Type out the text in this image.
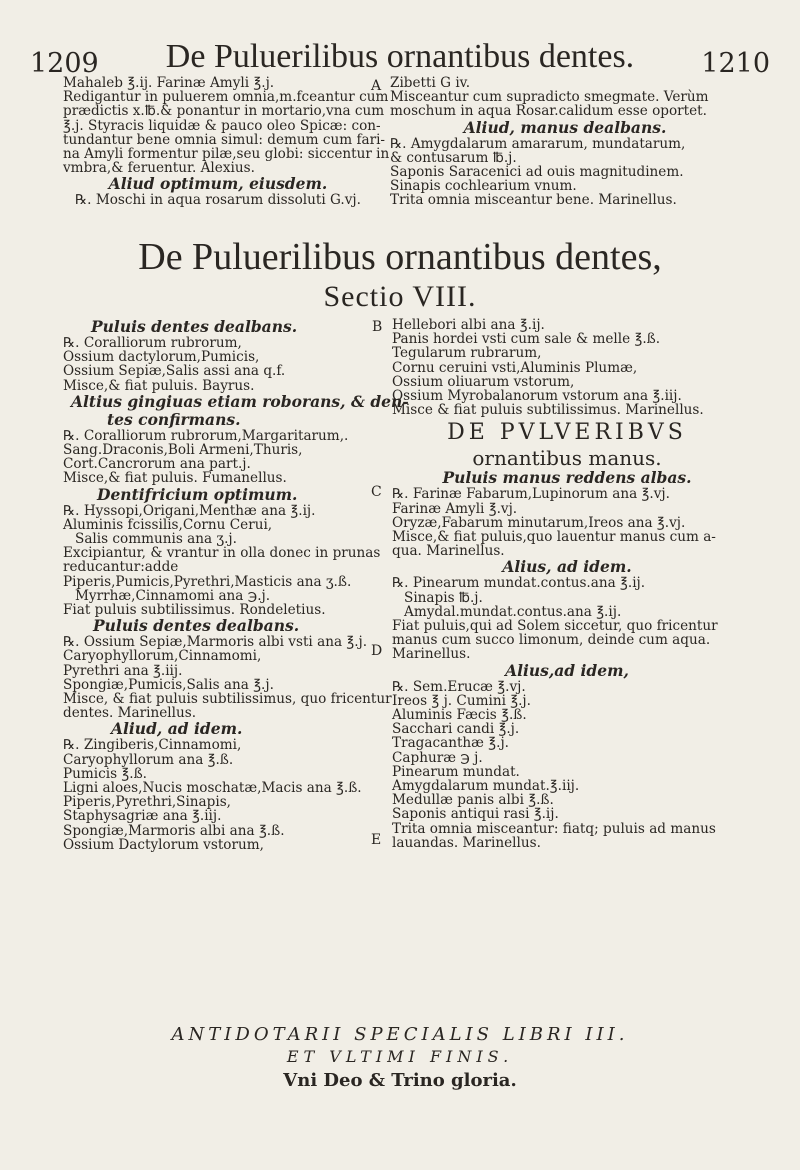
1209	De Puluerilibus ornantibus dentes.	1210

Mahaleb ℥.ij. Farinæ Amyli ℥.j.

Redigantur in puluerem omnia,m.fceantur cum

prædictis x.℔.& ponantur in mortario,vna cum

℥.j. Styracis liquidæ & pauco oleo Spicæ: con-

tundantur bene omnia simul: demum cum fari-

na Amyli formentur pilæ,seu globi: siccentur in

vmbra,& feruentur. Alexius.

Aliud optimum, eiusdem.

℞. Moschi in aqua rosarum dissoluti G.vj.

A Zibetti G iv.

Misceantur cum supradicto smegmate. Verùm

moschum in aqua Rosar.calidum esse oportet.

Aliud, manus dealbans.

℞. Amygdalarum amararum, mundatarum,

& contusarum ℔.j.

Saponis Saracenici ad ouis magnitudinem.

Sinapis cochlearium vnum.

Trita omnia misceantur bene. Marinellus.

De Puluerilibus ornantibus dentes,
Sectio VIII.

Puluis dentes dealbans.

℞. Coralliorum rubrorum,

Ossium dactylorum,Pumicis,

Ossium Sepiæ,Salis assi ana q.f.

Misce,& fiat puluis. Bayrus.

Altius gingiuas etiam roborans, & den-

tes confirmans.

℞. Coralliorum rubrorum,Margaritarum,.

Sang.Draconis,Boli Armeni,Thuris,

Cort.Cancrorum ana part.j.

Misce,& fiat puluis. Fumanellus.

Dentifricium optimum.

℞. Hyssopi,Origani,Menthæ ana ℥.ij.

Aluminis fcissilis,Cornu Cerui,

Salis communis ana ʒ.j.

Excipiantur, & vrantur in olla donec in prunas

reducantur:adde

Piperis,Pumicis,Pyrethri,Masticis ana ʒ.ß.

Myrrhæ,Cinnamomi ana ℈.j.

Fiat puluis subtilissimus. Rondeletius.

Puluis dentes dealbans.

℞. Ossium Sepiæ,Marmoris albi vsti ana ℥.j.

Caryophyllorum,Cinnamomi,

Pyrethri ana ℥.iij.

Spongiæ,Pumicis,Salis ana ℥.j.

Misce, & fiat puluis subtilissimus, quo fricentur

dentes. Marinellus.

Aliud, ad idem.

℞. Zingiberis,Cinnamomi,

Caryophyllorum ana ℥.ß.

Pumicis ℥.ß.

Ligni aloes,Nucis moschatæ,Macis ana ℥.ß.

Piperis,Pyrethri,Sinapis,

Staphysagriæ ana ℥.iij.

Spongiæ,Marmoris albi ana ℥.ß.

Ossium Dactylorum vstorum,

B
C
D
E

Hellebori albi ana ℥.ij.

Panis hordei vsti cum sale & melle ℥.ß.

Tegularum rubrarum,

Cornu ceruini vsti,Aluminis Plumæ,

Ossium oliuarum vstorum,

Ossium Myrobalanorum vstorum ana ℥.iij.

Misce & fiat puluis subtilissimus. Marinellus.

DE PVLVERIBVS
ornantibus manus.

Puluis manus reddens albas.

℞. Farinæ Fabarum,Lupinorum ana ℥.vj.

Farinæ Amyli ℥.vj.

Oryzæ,Fabarum minutarum,Ireos ana ℥.vj.

Misce,& fiat puluis,quo lauentur manus cum a-

qua. Marinellus.

Alius, ad idem.

℞. Pinearum mundat.contus.ana ℥.ij.

Sinapis ℔.j.

Amydal.mundat.contus.ana ℥.ij.

Fiat puluis,qui ad Solem siccetur, quo fricentur

manus cum succo limonum, deinde cum aqua.

Marinellus.

Alius,ad idem,

℞. Sem.Erucæ ℥.vj.

Ireos ℥ j. Cumini ℥.j.

Aluminis Fæcis ℥.ß.

Sacchari candi ℥.j.

Tragacanthæ ℥.j.

Caphuræ ℈ j.

Pinearum mundat.

Amygdalarum mundat.℥.iij.

Medullæ panis albi ℥.ß.

Saponis antiqui rasi ℥.ij.

Trita omnia misceantur: fiatq; puluis ad manus

lauandas. Marinellus.

ANTIDOTARII SPECIALIS LIBRI III.
ET VLTIMI FINIS.
Vni Deo & Trino gloria.
